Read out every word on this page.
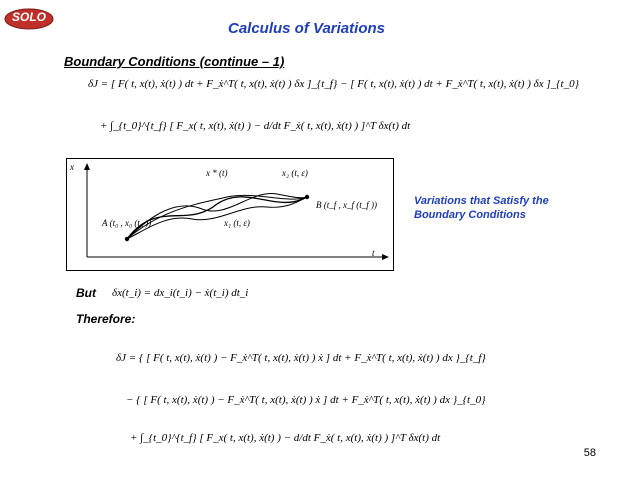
SOLO
Calculus of Variations
Boundary Conditions (continue – 1)
δJ = [ F( t, x(t), ẋ(t) ) dt + F_ẋ^T( t, x(t), ẋ(t) ) δx ]_{t_f} − [ F( t, x(t), ẋ(t) ) dt + F_ẋ^T( t, x(t), ẋ(t) ) δx ]_{t_0}
+ ∫_{t_0}^{t_f} [ F_x( t, x(t), ẋ(t) ) − d/dt F_ẋ( t, x(t), ẋ(t) ) ]^T δx(t) dt
x
t
x * (t)	x₂ (t, ε)
x₁ (t, ε)
A (t₀ , x₀ (t₀ ))
B (t_f , x_f (t_f ))	Variations that Satisfy the
Boundary Conditions
But δx(t_i) = dx_i(t_i) − ẋ(t_i) dt_i
Therefore:
δJ = { [ F( t, x(t), ẋ(t) ) − F_ẋ^T( t, x(t), ẋ(t) ) ẋ ] dt + F_ẋ^T( t, x(t), ẋ(t) ) dx }_{t_f}
− { [ F( t, x(t), ẋ(t) ) − F_ẋ^T( t, x(t), ẋ(t) ) ẋ ] dt + F_ẋ^T( t, x(t), ẋ(t) ) dx }_{t_0}
+ ∫_{t_0}^{t_f} [ F_x( t, x(t), ẋ(t) ) − d/dt F_ẋ( t, x(t), ẋ(t) ) ]^T δx(t) dt
58
